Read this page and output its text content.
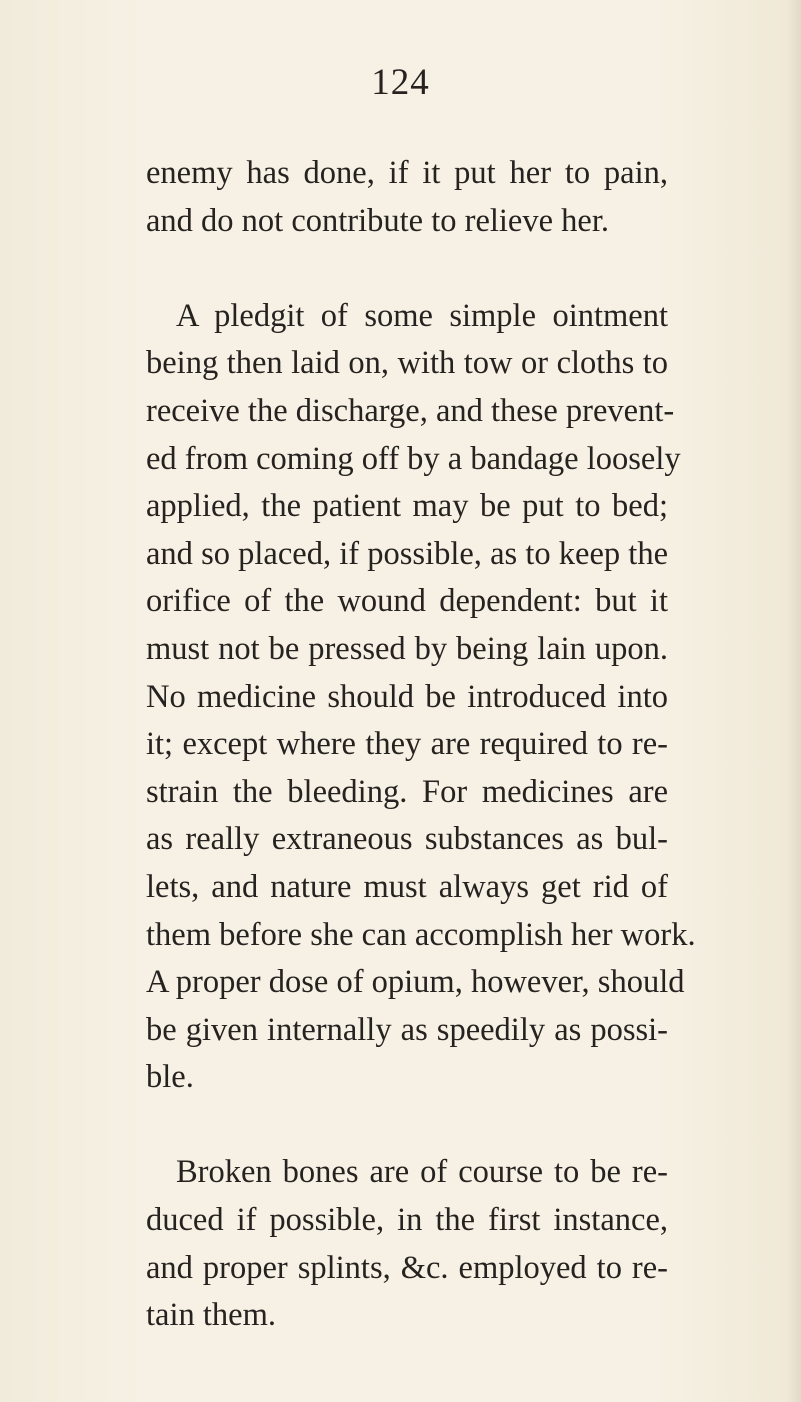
124

enemy has done, if it put her to pain,
and do not contribute to relieve her.

A pledgit of some simple ointment
being then laid on, with tow or cloths to
receive the discharge, and these prevent-
ed from coming off by a bandage loosely
applied, the patient may be put to bed;
and so placed, if possible, as to keep the
orifice of the wound dependent: but it
must not be pressed by being lain upon.
No medicine should be introduced into
it; except where they are required to re-
strain the bleeding. For medicines are
as really extraneous substances as bul-
lets, and nature must always get rid of
them before she can accomplish her work.
A proper dose of opium, however, should
be given internally as speedily as possi-
ble.

Broken bones are of course to be re-
duced if possible, in the first instance,
and proper splints, &c. employed to re-
tain them.
